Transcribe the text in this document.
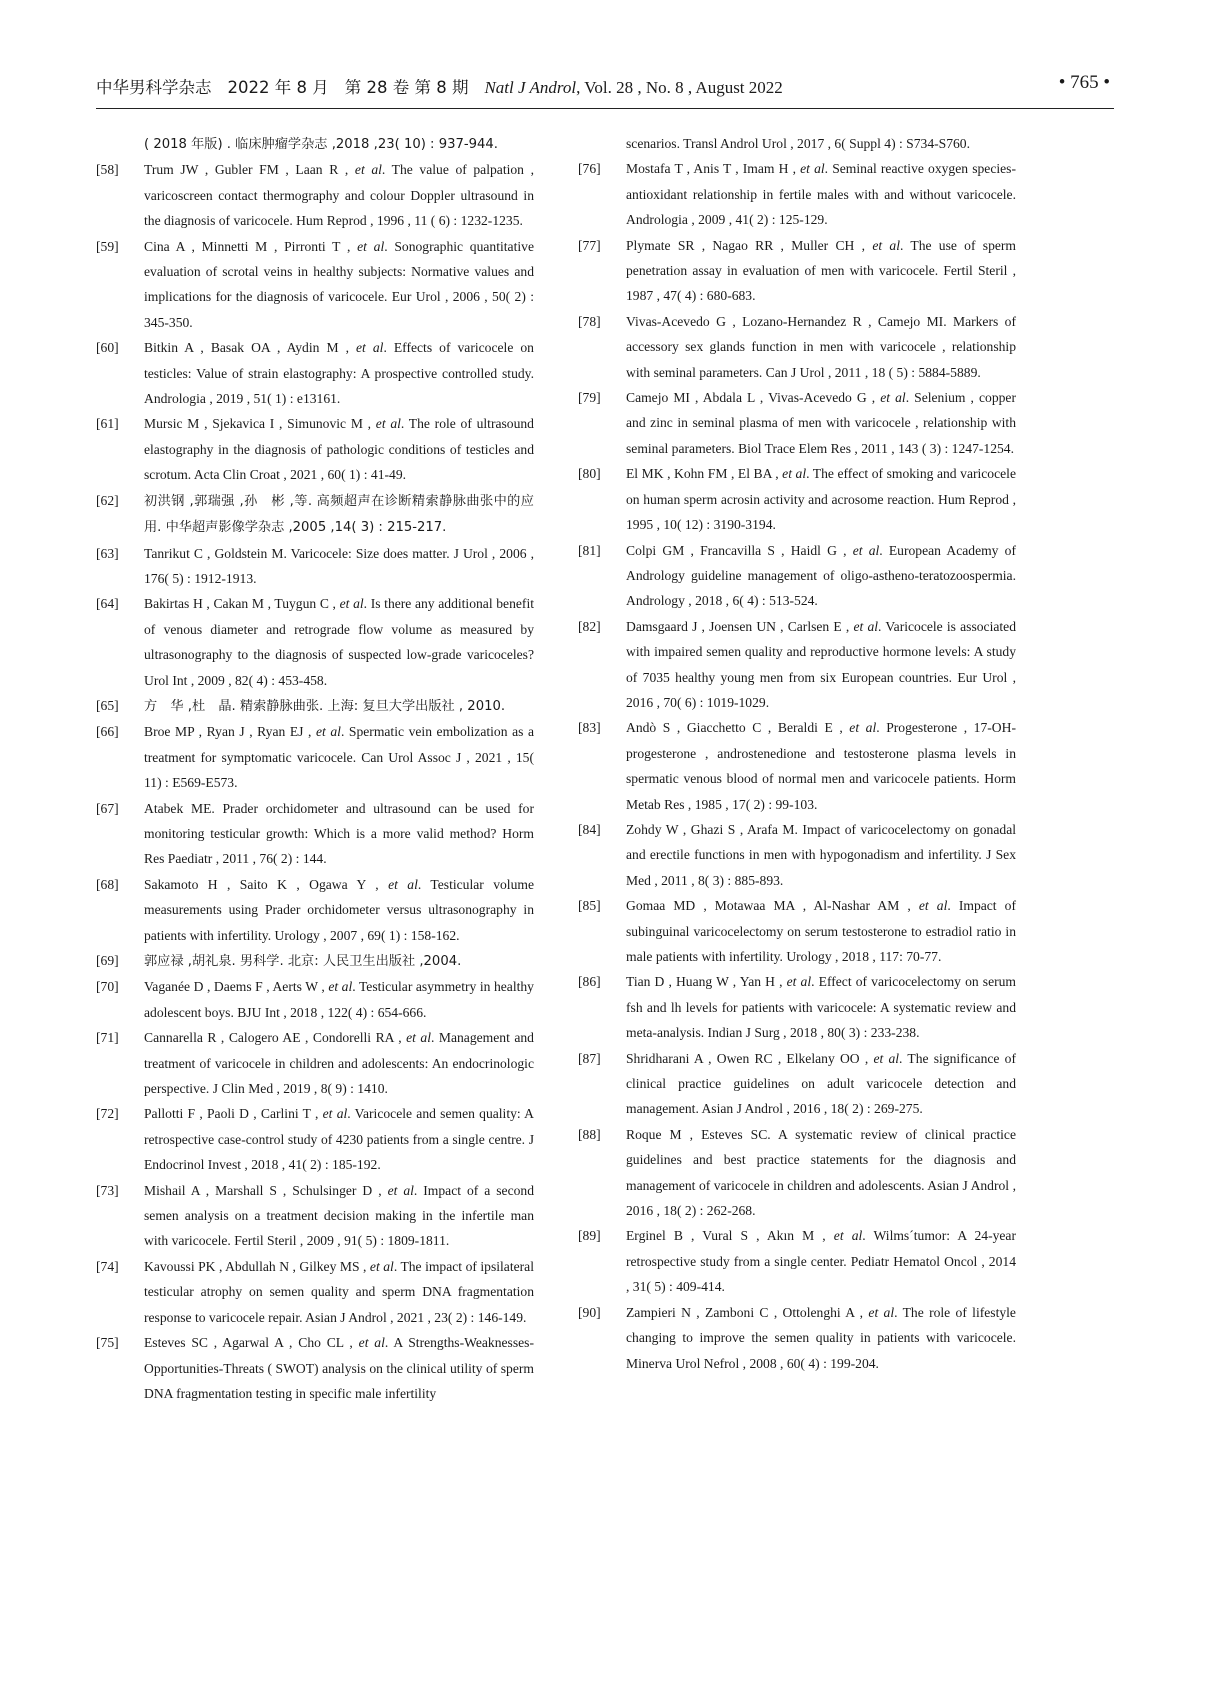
中华男科学杂志 2022 年 8 月 第 28 卷 第 8 期 Natl J Androl, Vol. 28 , No. 8 , August 2022	• 765 •

( 2018 年版) . 临床肿瘤学杂志 ,2018 ,23( 10) : 937-944.

[58] Trum JW , Gubler FM , Laan R , et al. The value of palpation , varicoscreen contact thermography and colour Doppler ultrasound in the diagnosis of varicocele. Hum Reprod , 1996 , 11 ( 6) : 1232-1235.

[59] Cina A , Minnetti M , Pirronti T , et al. Sonographic quantitative evaluation of scrotal veins in healthy subjects: Normative values and implications for the diagnosis of varicocele. Eur Urol , 2006 , 50( 2) : 345-350.

[60] Bitkin A , Basak OA , Aydin M , et al. Effects of varicocele on testicles: Value of strain elastography: A prospective controlled study. Andrologia , 2019 , 51( 1) : e13161.

[61] Mursic M , Sjekavica I , Simunovic M , et al. The role of ultrasound elastography in the diagnosis of pathologic conditions of testicles and scrotum. Acta Clin Croat , 2021 , 60( 1) : 41-49.

[62] 初洪钢 ,郭瑞强 ,孙　彬 ,等. 高频超声在诊断精索静脉曲张中的应用. 中华超声影像学杂志 ,2005 ,14( 3) : 215-217.

[63] Tanrikut C , Goldstein M. Varicocele: Size does matter. J Urol , 2006 , 176( 5) : 1912-1913.

[64] Bakirtas H , Cakan M , Tuygun C , et al. Is there any additional benefit of venous diameter and retrograde flow volume as measured by ultrasonography to the diagnosis of suspected low-grade varicoceles? Urol Int , 2009 , 82( 4) : 453-458.

[65] 方　华 ,杜　晶. 精索静脉曲张. 上海: 复旦大学出版社 , 2010.

[66] Broe MP , Ryan J , Ryan EJ , et al. Spermatic vein embolization as a treatment for symptomatic varicocele. Can Urol Assoc J , 2021 , 15( 11) : E569-E573.

[67] Atabek ME. Prader orchidometer and ultrasound can be used for monitoring testicular growth: Which is a more valid method? Horm Res Paediatr , 2011 , 76( 2) : 144.

[68] Sakamoto H , Saito K , Ogawa Y , et al. Testicular volume measurements using Prader orchidometer versus ultrasonography in patients with infertility. Urology , 2007 , 69( 1) : 158-162.

[69] 郭应禄 ,胡礼泉. 男科学. 北京: 人民卫生出版社 ,2004.

[70] Vaganée D , Daems F , Aerts W , et al. Testicular asymmetry in healthy adolescent boys. BJU Int , 2018 , 122( 4) : 654-666.

[71] Cannarella R , Calogero AE , Condorelli RA , et al. Management and treatment of varicocele in children and adolescents: An endocrinologic perspective. J Clin Med , 2019 , 8( 9) : 1410.

[72] Pallotti F , Paoli D , Carlini T , et al. Varicocele and semen quality: A retrospective case-control study of 4230 patients from a single centre. J Endocrinol Invest , 2018 , 41( 2) : 185-192.

[73] Mishail A , Marshall S , Schulsinger D , et al. Impact of a second semen analysis on a treatment decision making in the infertile man with varicocele. Fertil Steril , 2009 , 91( 5) : 1809-1811.

[74] Kavoussi PK , Abdullah N , Gilkey MS , et al. The impact of ipsilateral testicular atrophy on semen quality and sperm DNA fragmentation response to varicocele repair. Asian J Androl , 2021 , 23( 2) : 146-149.

[75] Esteves SC , Agarwal A , Cho CL , et al. A Strengths-Weaknesses-Opportunities-Threats ( SWOT) analysis on the clinical utility of sperm DNA fragmentation testing in specific male infertility

scenarios. Transl Androl Urol , 2017 , 6( Suppl 4) : S734-S760.

[76] Mostafa T , Anis T , Imam H , et al. Seminal reactive oxygen species-antioxidant relationship in fertile males with and without varicocele. Andrologia , 2009 , 41( 2) : 125-129.

[77] Plymate SR , Nagao RR , Muller CH , et al. The use of sperm penetration assay in evaluation of men with varicocele. Fertil Steril , 1987 , 47( 4) : 680-683.

[78] Vivas-Acevedo G , Lozano-Hernandez R , Camejo MI. Markers of accessory sex glands function in men with varicocele , relationship with seminal parameters. Can J Urol , 2011 , 18 ( 5) : 5884-5889.

[79] Camejo MI , Abdala L , Vivas-Acevedo G , et al. Selenium , copper and zinc in seminal plasma of men with varicocele , relationship with seminal parameters. Biol Trace Elem Res , 2011 , 143 ( 3) : 1247-1254.

[80] El MK , Kohn FM , El BA , et al. The effect of smoking and varicocele on human sperm acrosin activity and acrosome reaction. Hum Reprod , 1995 , 10( 12) : 3190-3194.

[81] Colpi GM , Francavilla S , Haidl G , et al. European Academy of Andrology guideline management of oligo-astheno-teratozoospermia. Andrology , 2018 , 6( 4) : 513-524.

[82] Damsgaard J , Joensen UN , Carlsen E , et al. Varicocele is associated with impaired semen quality and reproductive hormone levels: A study of 7035 healthy young men from six European countries. Eur Urol , 2016 , 70( 6) : 1019-1029.

[83] Andò S , Giacchetto C , Beraldi E , et al. Progesterone , 17-OH-progesterone , androstenedione and testosterone plasma levels in spermatic venous blood of normal men and varicocele patients. Horm Metab Res , 1985 , 17( 2) : 99-103.

[84] Zohdy W , Ghazi S , Arafa M. Impact of varicocelectomy on gonadal and erectile functions in men with hypogonadism and infertility. J Sex Med , 2011 , 8( 3) : 885-893.

[85] Gomaa MD , Motawaa MA , Al-Nashar AM , et al. Impact of subinguinal varicocelectomy on serum testosterone to estradiol ratio in male patients with infertility. Urology , 2018 , 117: 70-77.

[86] Tian D , Huang W , Yan H , et al. Effect of varicocelectomy on serum fsh and lh levels for patients with varicocele: A systematic review and meta-analysis. Indian J Surg , 2018 , 80( 3) : 233-238.

[87] Shridharani A , Owen RC , Elkelany OO , et al. The significance of clinical practice guidelines on adult varicocele detection and management. Asian J Androl , 2016 , 18( 2) : 269-275.

[88] Roque M , Esteves SC. A systematic review of clinical practice guidelines and best practice statements for the diagnosis and management of varicocele in children and adolescents. Asian J Androl , 2016 , 18( 2) : 262-268.

[89] Erginel B , Vural S , Akın M , et al. Wilms´tumor: A 24-year retrospective study from a single center. Pediatr Hematol Oncol , 2014 , 31( 5) : 409-414.

[90] Zampieri N , Zamboni C , Ottolenghi A , et al. The role of lifestyle changing to improve the semen quality in patients with varicocele. Minerva Urol Nefrol , 2008 , 60( 4) : 199-204.
